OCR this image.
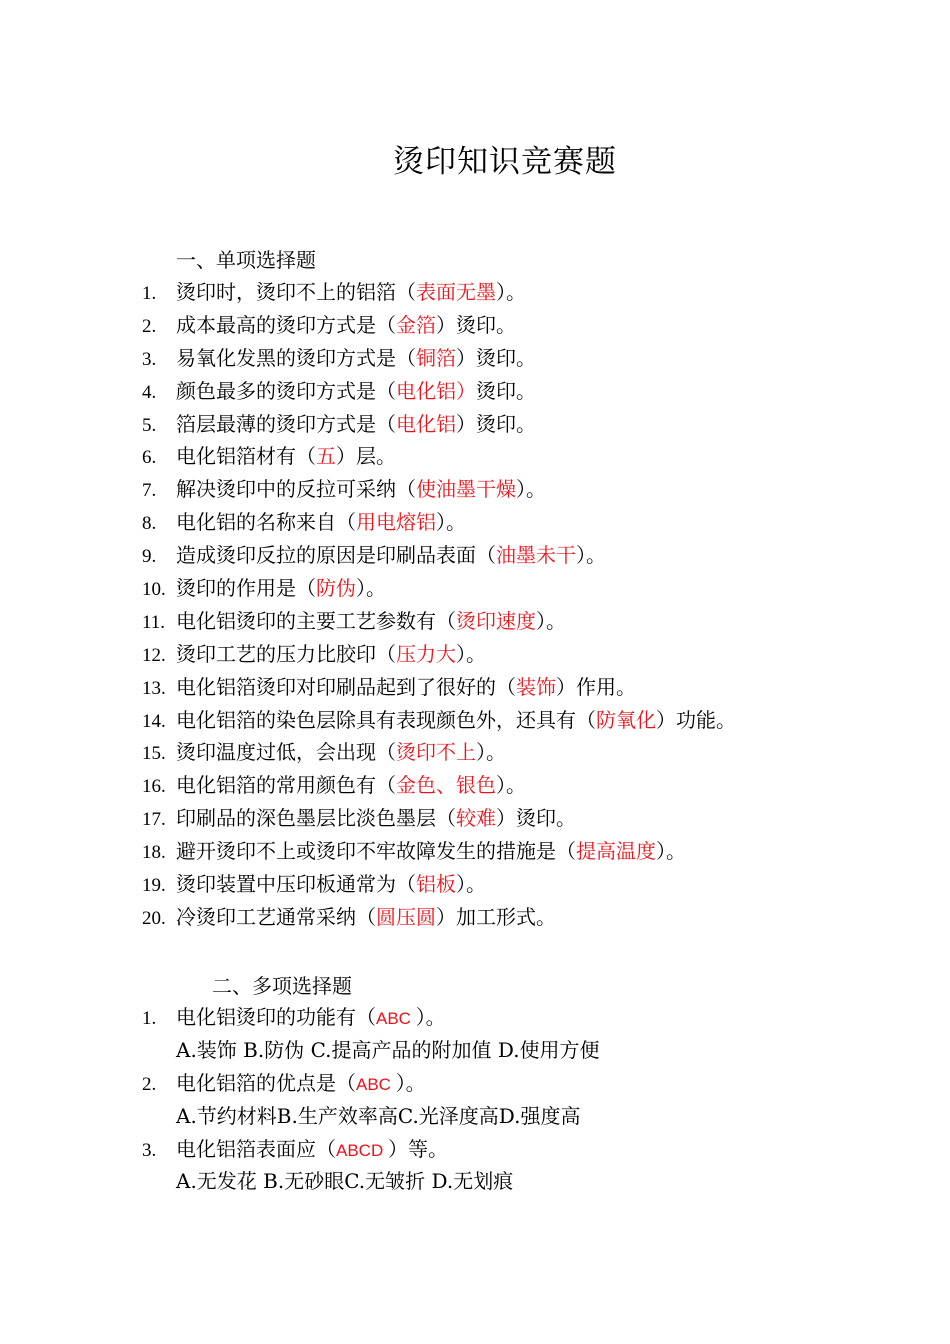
烫印知识竞赛题
一、单项选择题
1. 烫印时，烫印不上的铝箔（表面无墨）。
2. 成本最高的烫印方式是（金箔）烫印。
3. 易氧化发黑的烫印方式是（铜箔）烫印。
4. 颜色最多的烫印方式是（电化铝）烫印。
5. 箔层最薄的烫印方式是（电化铝）烫印。
6. 电化铝箔材有（五）层。
7. 解决烫印中的反拉可采纳（使油墨干燥）。
8. 电化铝的名称来自（用电熔铝）。
9. 造成烫印反拉的原因是印刷品表面（油墨未干）。
10. 烫印的作用是（防伪）。
11. 电化铝烫印的主要工艺参数有（烫印速度）。
12. 烫印工艺的压力比胶印（压力大）。
13. 电化铝箔烫印对印刷品起到了很好的（装饰）作用。
14. 电化铝箔的染色层除具有表现颜色外，还具有（防氧化）功能。
15. 烫印温度过低，会出现（烫印不上）。
16. 电化铝箔的常用颜色有（金色、银色）。
17. 印刷品的深色墨层比淡色墨层（较难）烫印。
18. 避开烫印不上或烫印不牢故障发生的措施是（提高温度）。
19. 烫印装置中压印板通常为（铝板）。
20. 冷烫印工艺通常采纳（圆压圆）加工形式。
二、多项选择题
1. 电化铝烫印的功能有（ABC ）。
A.装饰 B.防伪 C.提高产品的附加值 D.使用方便
2. 电化铝箔的优点是（ABC ）。
A.节约材料B.生产效率高C.光泽度高D.强度高
3. 电化铝箔表面应（ABCD ）等。
A.无发花 B.无砂眼C.无皱折 D.无划痕
